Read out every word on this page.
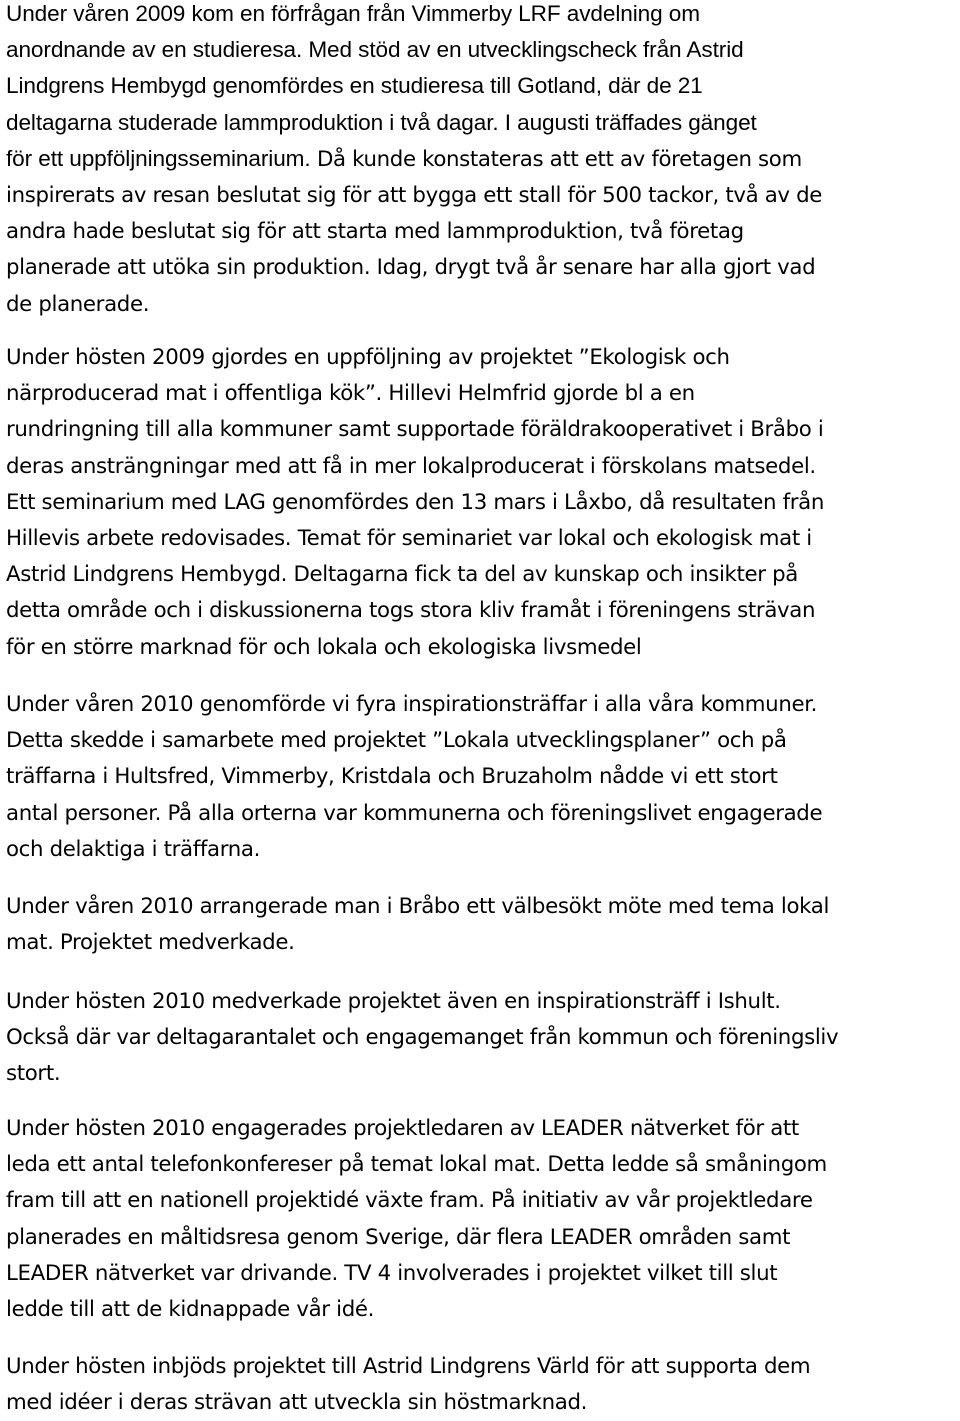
Under våren 2009 kom en förfrågan från Vimmerby LRF avdelning om
anordnande av en studieresa. Med stöd av en utvecklingscheck från Astrid
Lindgrens Hembygd genomfördes en studieresa till Gotland, där de 21
deltagarna studerade lammproduktion i två dagar. I augusti träffades gänget
för ett uppföljningsseminarium. Då kunde konstateras att ett av företagen som
inspirerats av resan beslutat sig för att bygga ett stall för 500 tackor, två av de
andra hade beslutat sig för att starta med lammproduktion, två företag
planerade att utöka sin produktion. Idag, drygt två år senare har alla gjort vad
de planerade.

Under hösten 2009 gjordes en uppföljning av projektet ”Ekologisk och
närproducerad mat i offentliga kök”. Hillevi Helmfrid gjorde bl a en
rundringning till alla kommuner samt supportade föräldrakooperativet i Bråbo i
deras ansträngningar med att få in mer lokalproducerat i förskolans matsedel.
Ett seminarium med LAG genomfördes den 13 mars i Låxbo, då resultaten från
Hillevis arbete redovisades. Temat för seminariet var lokal och ekologisk mat i
Astrid Lindgrens Hembygd. Deltagarna fick ta del av kunskap och insikter på
detta område och i diskussionerna togs stora kliv framåt i föreningens strävan
för en större marknad för och lokala och ekologiska livsmedel

Under våren 2010 genomförde vi fyra inspirationsträffar i alla våra kommuner.
Detta skedde i samarbete med projektet ”Lokala utvecklingsplaner” och på
träffarna i Hultsfred, Vimmerby, Kristdala och Bruzaholm nådde vi ett stort
antal personer. På alla orterna var kommunerna och föreningslivet engagerade
och delaktiga i träffarna.

Under våren 2010 arrangerade man i Bråbo ett välbesökt möte med tema lokal
mat. Projektet medverkade.

Under hösten 2010 medverkade projektet även en inspirationsträff i Ishult.
Också där var deltagarantalet och engagemanget från kommun och föreningsliv
stort.

Under hösten 2010 engagerades projektledaren av LEADER nätverket för att
leda ett antal telefonkonfereser på temat lokal mat. Detta ledde så småningom
fram till att en nationell projektidé växte fram. På initiativ av vår projektledare
planerades en måltidsresa genom Sverige, där flera LEADER områden samt
LEADER nätverket var drivande. TV 4 involverades i projektet vilket till slut
ledde till att de kidnappade vår idé.

Under hösten inbjöds projektet till Astrid Lindgrens Värld för att supporta dem
med idéer i deras strävan att utveckla sin höstmarknad.
